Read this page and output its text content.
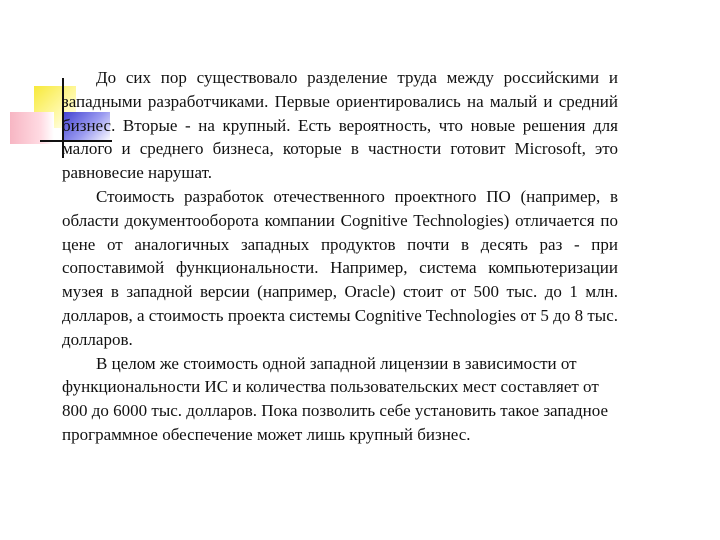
До сих пор существовало разделение труда между российскими и западными разработчиками. Первые ориентировались на малый и средний бизнес. Вторые - на крупный. Есть вероятность, что новые решения для малого и среднего бизнеса, которые в частности готовит Microsoft, это равновесие нарушат.

Стоимость разработок отечественного проектного ПО (например, в области документооборота компании Cognitive Technologies) отличается по цене от аналогичных западных продуктов почти в десять раз - при сопоставимой функциональности. Например, система компьютеризации музея в западной версии (например, Oracle) стоит от 500 тыс. до 1 млн. долларов, а стоимость проекта системы Cognitive Technologies от 5 до 8 тыс. долларов.

В целом же стоимость одной западной лицензии в зависимости от функциональности ИС и количества пользовательских мест составляет от 800 до 6000 тыс. долларов. Пока позволить себе установить такое западное программное обеспечение может лишь крупный бизнес.
